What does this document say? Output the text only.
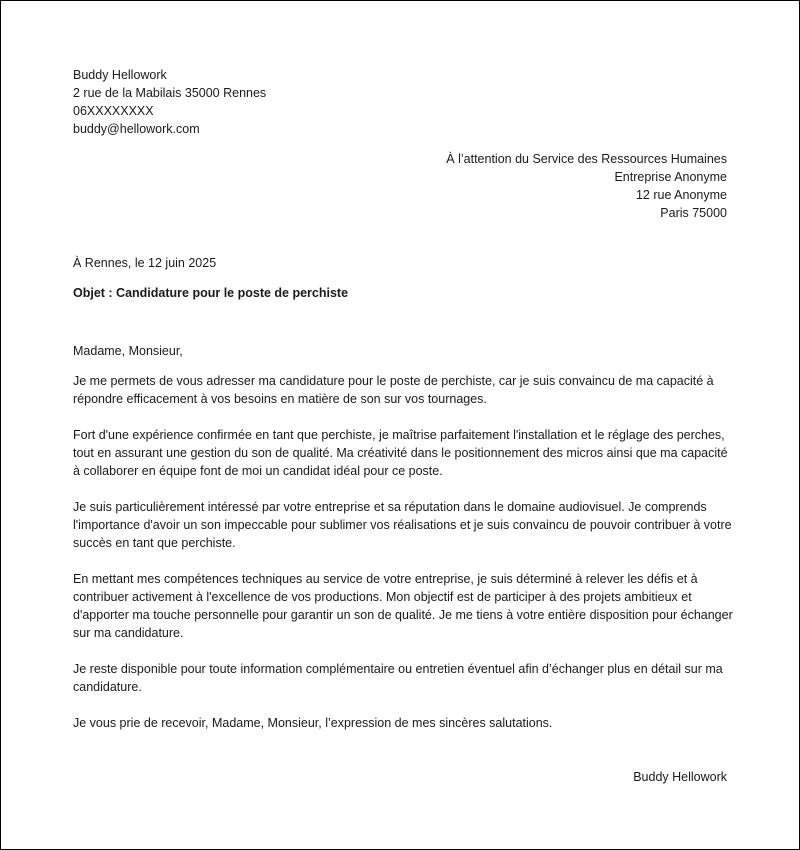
Buddy Hellowork
2 rue de la Mabilais 35000 Rennes
06XXXXXXXX
buddy@hellowork.com
À l’attention du Service des Ressources Humaines
Entreprise Anonyme
12 rue Anonyme
Paris 75000
À Rennes, le 12 juin 2025
Objet : Candidature pour le poste de perchiste
Madame, Monsieur,

Je me permets de vous adresser ma candidature pour le poste de perchiste, car je suis convaincu de ma capacité à répondre efficacement à vos besoins en matière de son sur vos tournages.

Fort d'une expérience confirmée en tant que perchiste, je maîtrise parfaitement l'installation et le réglage des perches, tout en assurant une gestion du son de qualité. Ma créativité dans le positionnement des micros ainsi que ma capacité à collaborer en équipe font de moi un candidat idéal pour ce poste.

Je suis particulièrement intéressé par votre entreprise et sa réputation dans le domaine audiovisuel. Je comprends l'importance d'avoir un son impeccable pour sublimer vos réalisations et je suis convaincu de pouvoir contribuer à votre succès en tant que perchiste.

En mettant mes compétences techniques au service de votre entreprise, je suis déterminé à relever les défis et à contribuer activement à l'excellence de vos productions. Mon objectif est de participer à des projets ambitieux et d'apporter ma touche personnelle pour garantir un son de qualité. Je me tiens à votre entière disposition pour échanger sur ma candidature.

Je reste disponible pour toute information complémentaire ou entretien éventuel afin d’échanger plus en détail sur ma candidature.

Je vous prie de recevoir, Madame, Monsieur, l’expression de mes sincères salutations.
Buddy Hellowork
